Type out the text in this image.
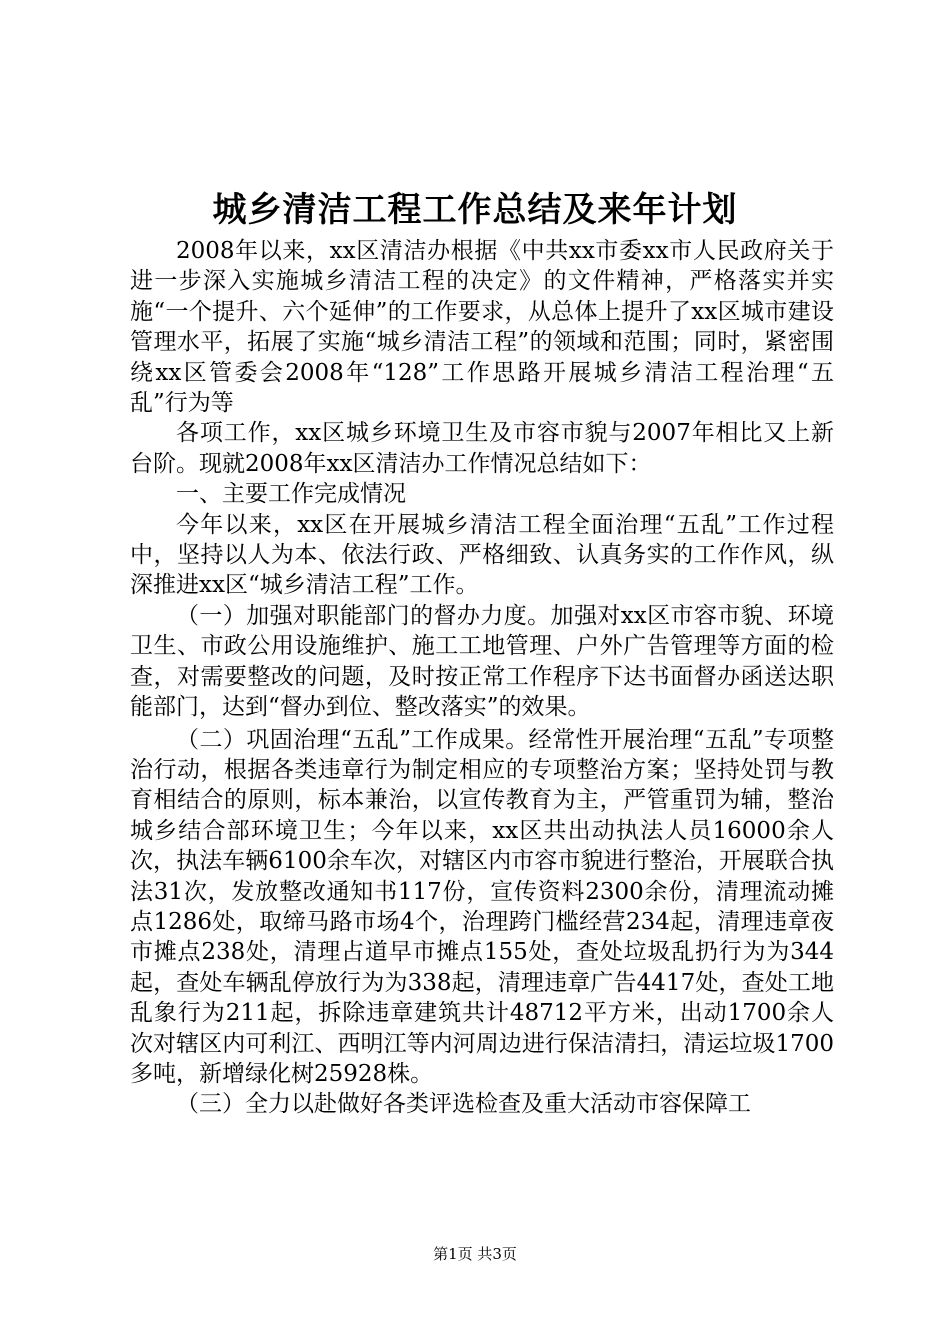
城乡清洁工程工作总结及来年计划

2008年以来，xx区清洁办根据《中共xx市委xx市人民政府关于进一步深入实施城乡清洁工程的决定》的文件精神，严格落实并实施“一个提升、六个延伸”的工作要求，从总体上提升了xx区城市建设管理水平，拓展了实施“城乡清洁工程”的领域和范围；同时，紧密围绕xx区管委会2008年“128”工作思路开展城乡清洁工程治理“五乱”行为等

各项工作，xx区城乡环境卫生及市容市貌与2007年相比又上新台阶。现就2008年xx区清洁办工作情况总结如下：

一、主要工作完成情况

今年以来，xx区在开展城乡清洁工程全面治理“五乱”工作过程中，坚持以人为本、依法行政、严格细致、认真务实的工作作风，纵深推进xx区“城乡清洁工程”工作。

（一）加强对职能部门的督办力度。加强对xx区市容市貌、环境卫生、市政公用设施维护、施工工地管理、户外广告管理等方面的检查，对需要整改的问题，及时按正常工作程序下达书面督办函送达职能部门，达到“督办到位、整改落实”的效果。

（二）巩固治理“五乱”工作成果。经常性开展治理“五乱”专项整治行动，根据各类违章行为制定相应的专项整治方案；坚持处罚与教育相结合的原则，标本兼治，以宣传教育为主，严管重罚为辅，整治城乡结合部环境卫生；今年以来，xx区共出动执法人员16000余人次，执法车辆6100余车次，对辖区内市容市貌进行整治，开展联合执法31次，发放整改通知书117份，宣传资料2300余份，清理流动摊点1286处，取缔马路市场4个，治理跨门槛经营234起，清理违章夜市摊点238处，清理占道早市摊点155处，查处垃圾乱扔行为为344起，查处车辆乱停放行为为338起，清理违章广告4417处，查处工地乱象行为211起，拆除违章建筑共计48712平方米，出动1700余人次对辖区内可利江、西明江等内河周边进行保洁清扫，清运垃圾1700多吨，新增绿化树25928株。

（三）全力以赴做好各类评选检查及重大活动市容保障工

第1页 共3页
